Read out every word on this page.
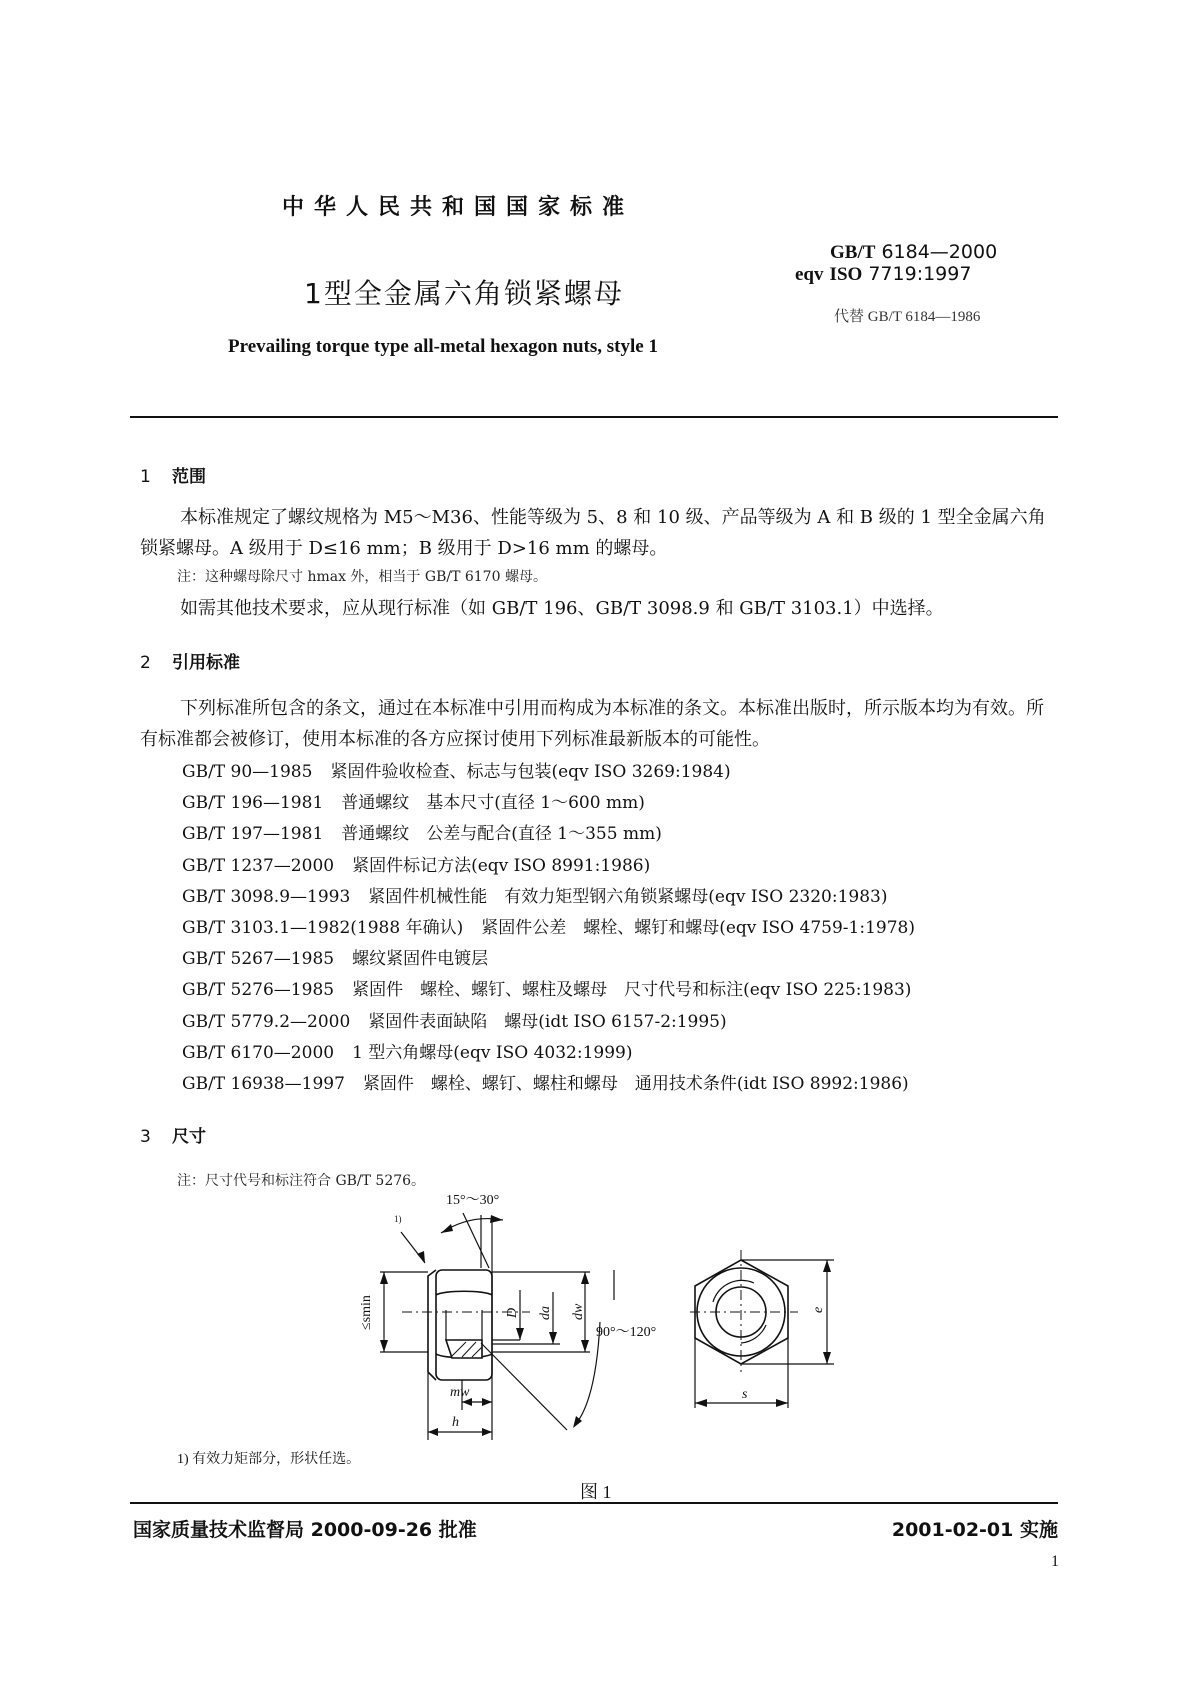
中华人民共和国国家标准
1型全金属六角锁紧螺母
Prevailing torque type all-metal hexagon nuts, style 1
GB/T 6184—2000
eqv ISO 7719:1997
代替 GB/T 6184—1986
1 范围
本标准规定了螺纹规格为 M5～M36、性能等级为 5、8 和 10 级、产品等级为 A 和 B 级的 1 型全金属六角锁紧螺母。A 级用于 D≤16 mm；B 级用于 D>16 mm 的螺母。
注：这种螺母除尺寸 hmax 外，相当于 GB/T 6170 螺母。
如需其他技术要求，应从现行标准（如 GB/T 196、GB/T 3098.9 和 GB/T 3103.1）中选择。
2 引用标准
下列标准所包含的条文，通过在本标准中引用而构成为本标准的条文。本标准出版时，所示版本均为有效。所有标准都会被修订，使用本标准的各方应探讨使用下列标准最新版本的可能性。
GB/T 90—1985 紧固件验收检查、标志与包装(eqv ISO 3269:1984)
GB/T 196—1981 普通螺纹　基本尺寸(直径 1～600 mm)
GB/T 197—1981 普通螺纹　公差与配合(直径 1～355 mm)
GB/T 1237—2000 紧固件标记方法(eqv ISO 8991:1986)
GB/T 3098.9—1993 紧固件机械性能　有效力矩型钢六角锁紧螺母(eqv ISO 2320:1983)
GB/T 3103.1—1982(1988 年确认) 紧固件公差　螺栓、螺钉和螺母(eqv ISO 4759-1:1978)
GB/T 5267—1985 螺纹紧固件电镀层
GB/T 5276—1985 紧固件　螺栓、螺钉、螺柱及螺母　尺寸代号和标注(eqv ISO 225:1983)
GB/T 5779.2—2000 紧固件表面缺陷　螺母(idt ISO 6157-2:1995)
GB/T 6170—2000 1 型六角螺母(eqv ISO 4032:1999)
GB/T 16938—1997 紧固件　螺栓、螺钉、螺柱和螺母　通用技术条件(idt ISO 8992:1986)
3 尺寸
注：尺寸代号和标注符合 GB/T 5276。
15°～30°
1)
≤smin	D da dw
90°～120°
mw
h
e
s
1) 有效力矩部分，形状任选。
图 1
国家质量技术监督局 2000-09-26 批准	2001-02-01 实施
1
